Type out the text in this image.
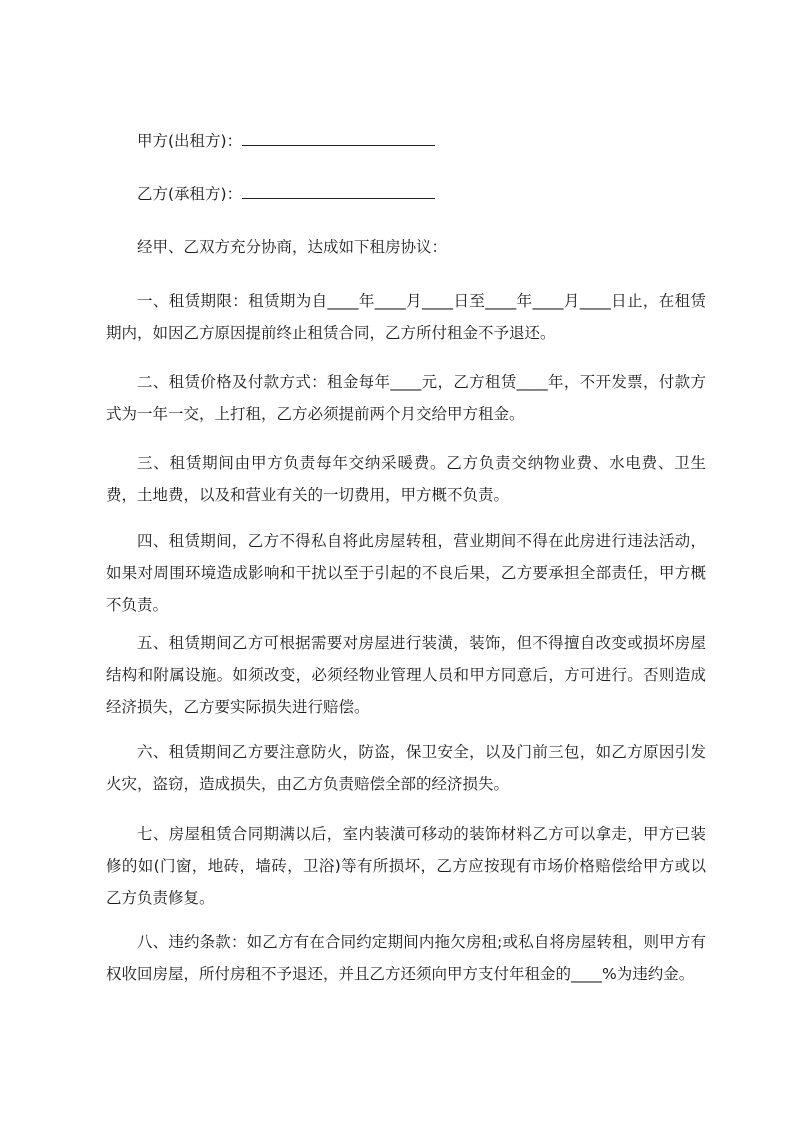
甲方(出租方)：
乙方(承租方)：
经甲、乙双方充分协商，达成如下租房协议：

一、租赁期限：租赁期为自____年____月____日至____年____月____日止，在租赁期内，如因乙方原因提前终止租赁合同，乙方所付租金不予退还。

二、租赁价格及付款方式：租金每年____元，乙方租赁____年，不开发票，付款方式为一年一交，上打租，乙方必须提前两个月交给甲方租金。

三、租赁期间由甲方负责每年交纳采暖费。乙方负责交纳物业费、水电费、卫生费，土地费，以及和营业有关的一切费用，甲方概不负责。

四、租赁期间，乙方不得私自将此房屋转租，营业期间不得在此房进行违法活动，如果对周围环境造成影响和干扰以至于引起的不良后果，乙方要承担全部责任，甲方概不负责。

五、租赁期间乙方可根据需要对房屋进行装潢，装饰，但不得擅自改变或损坏房屋结构和附属设施。如须改变，必须经物业管理人员和甲方同意后，方可进行。否则造成经济损失，乙方要实际损失进行赔偿。

六、租赁期间乙方要注意防火，防盗，保卫安全，以及门前三包，如乙方原因引发火灾，盗窃，造成损失，由乙方负责赔偿全部的经济损失。

七、房屋租赁合同期满以后，室内装潢可移动的装饰材料乙方可以拿走，甲方已装修的如(门窗，地砖，墙砖，卫浴)等有所损坏，乙方应按现有市场价格赔偿给甲方或以乙方负责修复。

八、违约条款：如乙方有在合同约定期间内拖欠房租;或私自将房屋转租，则甲方有权收回房屋，所付房租不予退还，并且乙方还须向甲方支付年租金的____%为违约金。
